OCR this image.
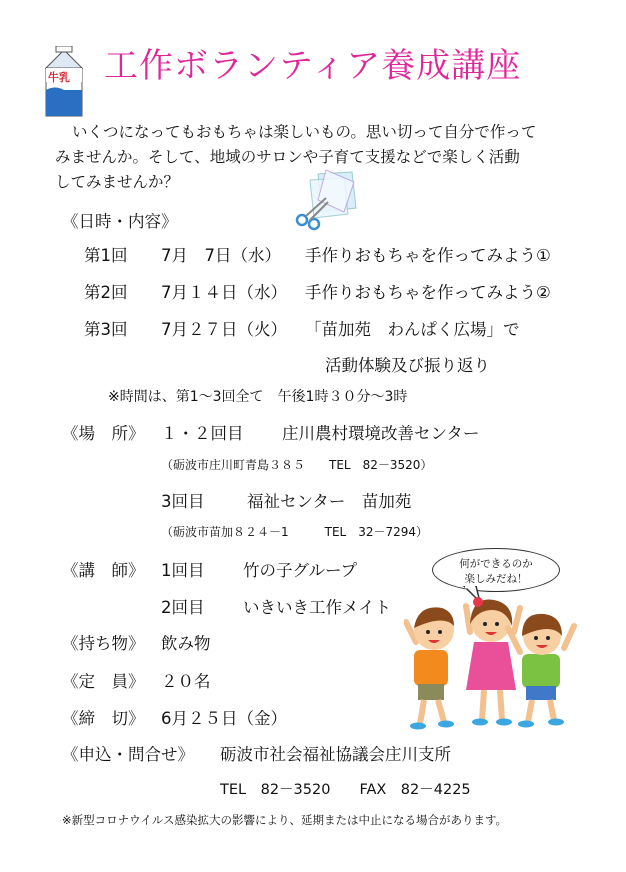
牛乳 工作ボランティア養成講座
いくつになってもおもちゃは楽しいもの。思い切って自分で作って
みませんか。そして、地域のサロンや子育て支援などで楽しく活動
してみませんか？
《日時・内容》
第1回 7月　7日（水） 手作りおもちゃを作ってみよう①
第2回 7月１４日（水） 手作りおもちゃを作ってみよう②
第3回 7月２７日（火） 「苗加苑　わんぱく広場」で
活動体験及び振り返り
※時間は、第1～3回全て　午後1時３０分～3時
《場　所》 １・２回目 庄川農村環境改善センター
（砺波市庄川町青島３８５　　TEL　82－3520）
3回目	福祉センター　苗加苑
（砺波市苗加８２４－1　　　TEL　32－7294）
《講　師》 1回目 竹の子グループ
2回目 いきいき工作メイト
《持ち物》 飲み物
《定　員》 ２０名
《締　切》 6月２５日（金）
《申込・問合せ》 砺波市社会福祉協議会庄川支所
TEL　82－3520　　FAX　82－4225
※新型コロナウイルス感染拡大の影響により、延期または中止になる場合があります。
何ができるのか
楽しみだね！
